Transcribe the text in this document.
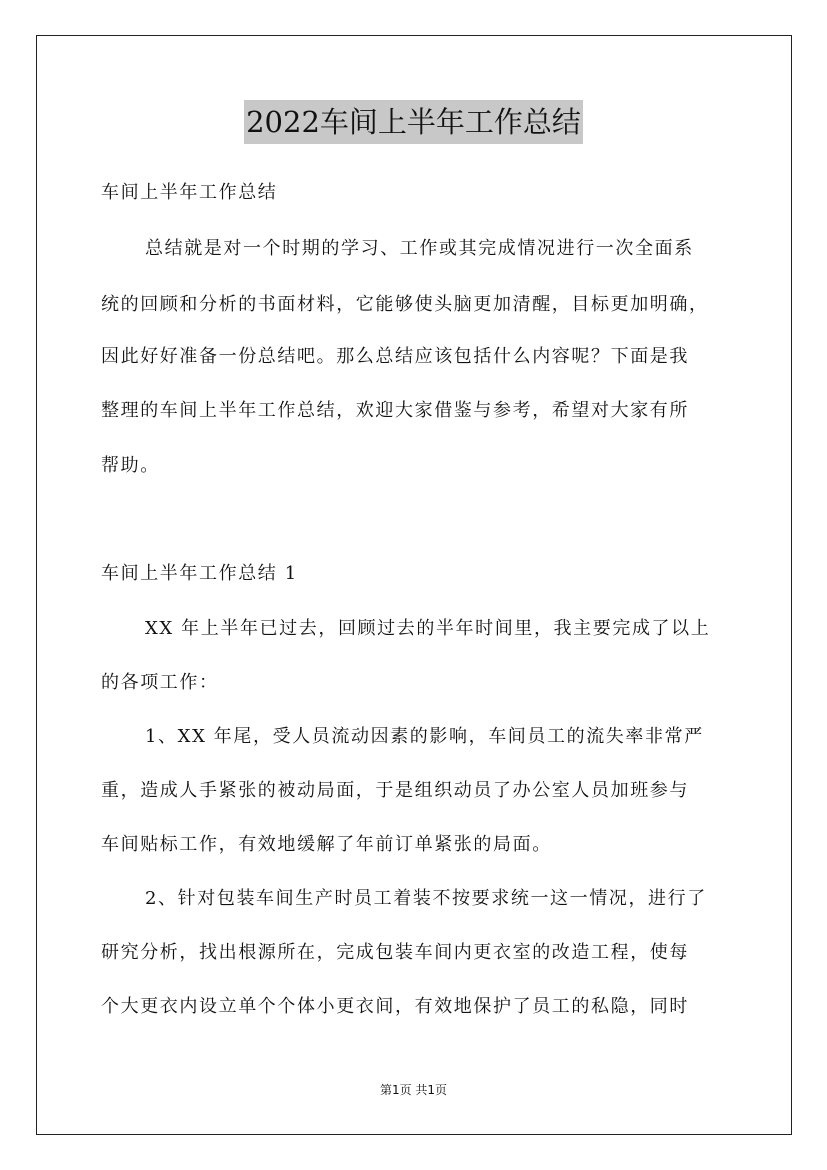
2022车间上半年工作总结
车间上半年工作总结
总结就是对一个时期的学习、工作或其完成情况进行一次全面系
统的回顾和分析的书面材料，它能够使头脑更加清醒，目标更加明确，
因此好好准备一份总结吧。那么总结应该包括什么内容呢？下面是我
整理的车间上半年工作总结，欢迎大家借鉴与参考，希望对大家有所
帮助。
车间上半年工作总结 1
XX 年上半年已过去，回顾过去的半年时间里，我主要完成了以上
的各项工作：
1、XX 年尾，受人员流动因素的影响，车间员工的流失率非常严
重，造成人手紧张的被动局面，于是组织动员了办公室人员加班参与
车间贴标工作，有效地缓解了年前订单紧张的局面。
2、针对包装车间生产时员工着装不按要求统一这一情况，进行了
研究分析，找出根源所在，完成包装车间内更衣室的改造工程，使每
个大更衣内设立单个个体小更衣间，有效地保护了员工的私隐，同时
第1页 共1页
